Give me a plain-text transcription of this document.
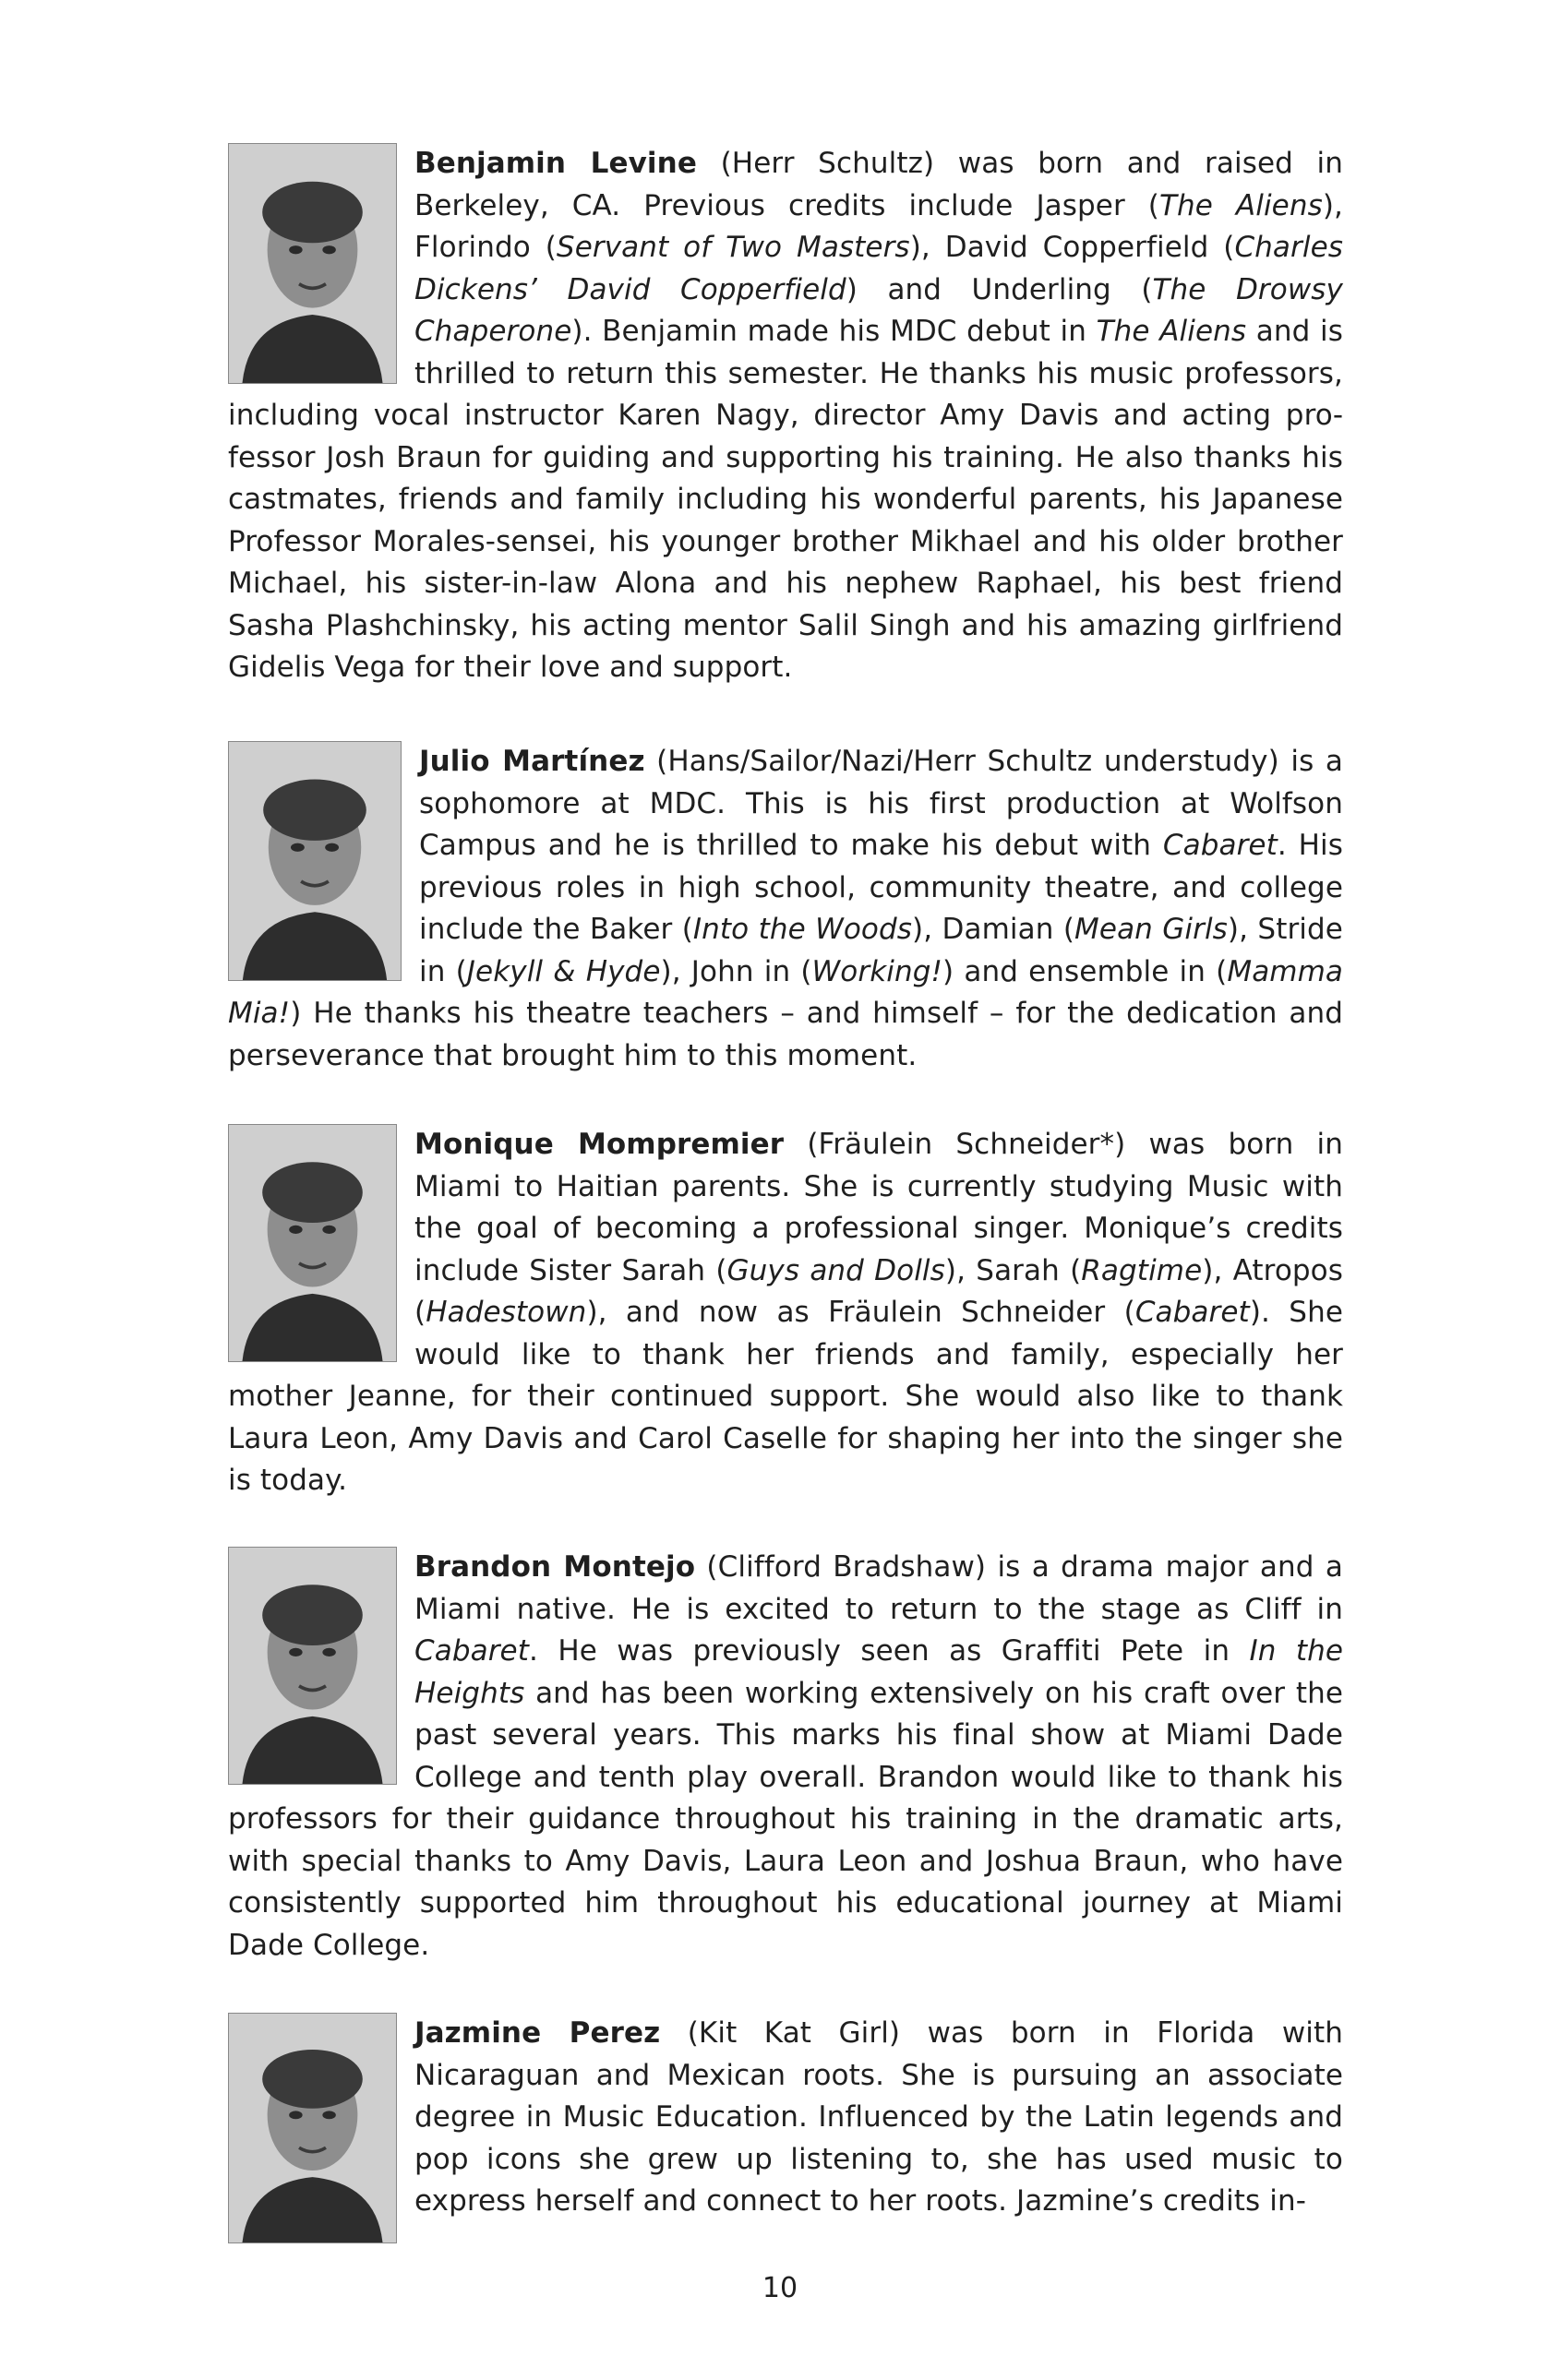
Benjamin Levine (Herr Schultz) was born and raised in Berkeley, CA. Previous credits include Jasper (The Aliens), Florindo (Servant of Two Masters), David Copperfield (Charles Dickens’ David Copperfield) and Underling (The Drowsy Chaperone). Benjamin made his MDC debut in The Aliens and is thrilled to return this semester. He thanks his music professors, including vocal instructor Karen Nagy, director Amy Davis and acting professor Josh Braun for guiding and supporting his training. He also thanks his castmates, friends and family including his wonderful parents, his Japanese Professor Morales-sensei, his younger brother Mikhael and his older brother Michael, his sister-in-law Alona and his nephew Raphael, his best friend Sasha Plashchinsky, his acting mentor Salil Singh and his amazing girlfriend Gidelis Vega for their love and support.

Julio Martínez (Hans/Sailor/Nazi/Herr Schultz understudy) is a sophomore at MDC. This is his first production at Wolfson Campus and he is thrilled to make his debut with Cabaret. His previous roles in high school, community theatre, and college include the Baker (Into the Woods), Damian (Mean Girls), Stride in (Jekyll & Hyde), John in (Working!) and ensemble in (Mamma Mia!) He thanks his theatre teachers – and himself – for the dedication and perseverance that brought him to this moment.

Monique Mompremier (Fräulein Schneider*) was born in Miami to Haitian parents. She is currently studying Music with the goal of becoming a professional singer. Monique’s credits include Sister Sarah (Guys and Dolls), Sarah (Ragtime), Atropos (Hadestown), and now as Fräulein Schneider (Cabaret). She would like to thank her friends and family, especially her mother Jeanne, for their continued support. She would also like to thank Laura Leon, Amy Davis and Carol Caselle for shaping her into the singer she is today.

Brandon Montejo (Clifford Bradshaw) is a drama major and a Miami native. He is excited to return to the stage as Cliff in Cabaret. He was previously seen as Graffiti Pete in In the Heights and has been working extensively on his craft over the past several years. This marks his final show at Miami Dade College and tenth play overall. Brandon would like to thank his professors for their guidance throughout his training in the dramatic arts, with special thanks to Amy Davis, Laura Leon and Joshua Braun, who have consistently supported him throughout his educational journey at Miami Dade College.

Jazmine Perez (Kit Kat Girl) was born in Florida with Nicaraguan and Mexican roots. She is pursuing an associate degree in Music Education. Influenced by the Latin legends and pop icons she grew up listening to, she has used music to express herself and connect to her roots. Jazmine’s credits in-

10
